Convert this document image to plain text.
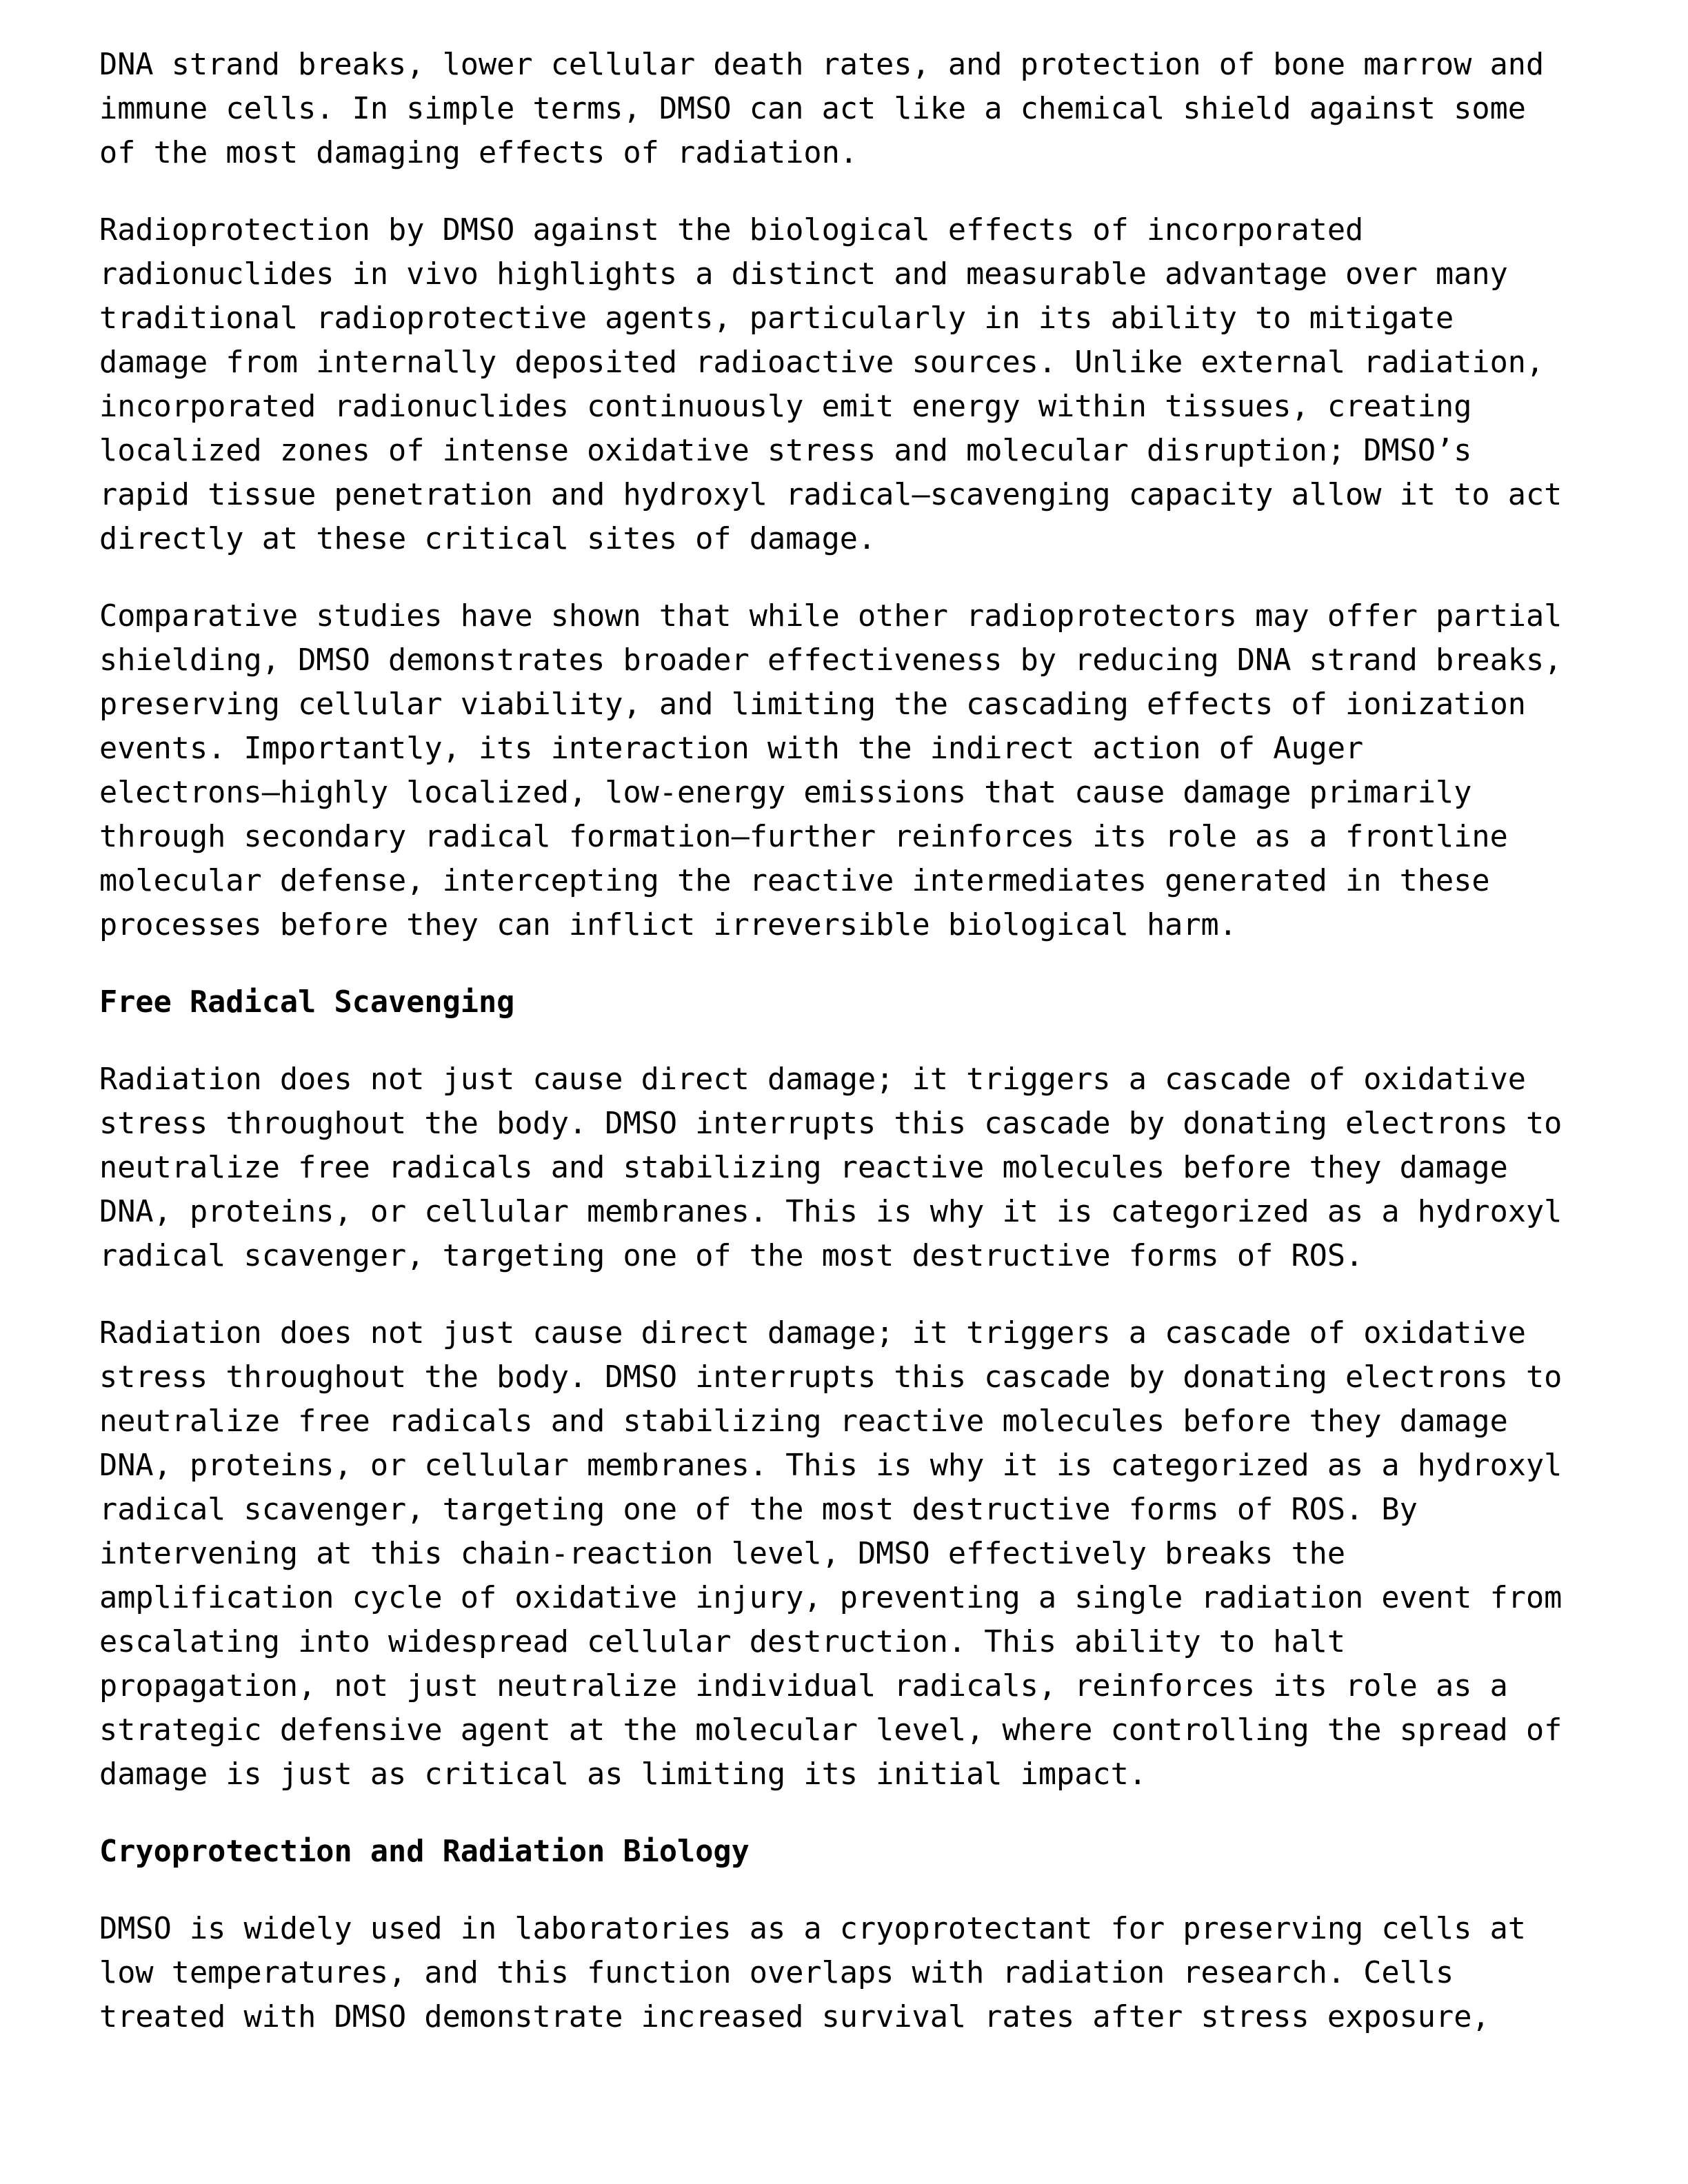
DNA strand breaks, lower cellular death rates, and protection of bone marrow and
immune cells. In simple terms, DMSO can act like a chemical shield against some
of the most damaging effects of radiation.

Radioprotection by DMSO against the biological effects of incorporated
radionuclides in vivo highlights a distinct and measurable advantage over many
traditional radioprotective agents, particularly in its ability to mitigate
damage from internally deposited radioactive sources. Unlike external radiation,
incorporated radionuclides continuously emit energy within tissues, creating
localized zones of intense oxidative stress and molecular disruption; DMSO’s
rapid tissue penetration and hydroxyl radical–scavenging capacity allow it to act
directly at these critical sites of damage.

Comparative studies have shown that while other radioprotectors may offer partial
shielding, DMSO demonstrates broader effectiveness by reducing DNA strand breaks,
preserving cellular viability, and limiting the cascading effects of ionization
events. Importantly, its interaction with the indirect action of Auger
electrons—highly localized, low-energy emissions that cause damage primarily
through secondary radical formation—further reinforces its role as a frontline
molecular defense, intercepting the reactive intermediates generated in these
processes before they can inflict irreversible biological harm.

Free Radical Scavenging

Radiation does not just cause direct damage; it triggers a cascade of oxidative
stress throughout the body. DMSO interrupts this cascade by donating electrons to
neutralize free radicals and stabilizing reactive molecules before they damage
DNA, proteins, or cellular membranes. This is why it is categorized as a hydroxyl
radical scavenger, targeting one of the most destructive forms of ROS.

Radiation does not just cause direct damage; it triggers a cascade of oxidative
stress throughout the body. DMSO interrupts this cascade by donating electrons to
neutralize free radicals and stabilizing reactive molecules before they damage
DNA, proteins, or cellular membranes. This is why it is categorized as a hydroxyl
radical scavenger, targeting one of the most destructive forms of ROS. By
intervening at this chain-reaction level, DMSO effectively breaks the
amplification cycle of oxidative injury, preventing a single radiation event from
escalating into widespread cellular destruction. This ability to halt
propagation, not just neutralize individual radicals, reinforces its role as a
strategic defensive agent at the molecular level, where controlling the spread of
damage is just as critical as limiting its initial impact.

Cryoprotection and Radiation Biology

DMSO is widely used in laboratories as a cryoprotectant for preserving cells at
low temperatures, and this function overlaps with radiation research. Cells
treated with DMSO demonstrate increased survival rates after stress exposure,
